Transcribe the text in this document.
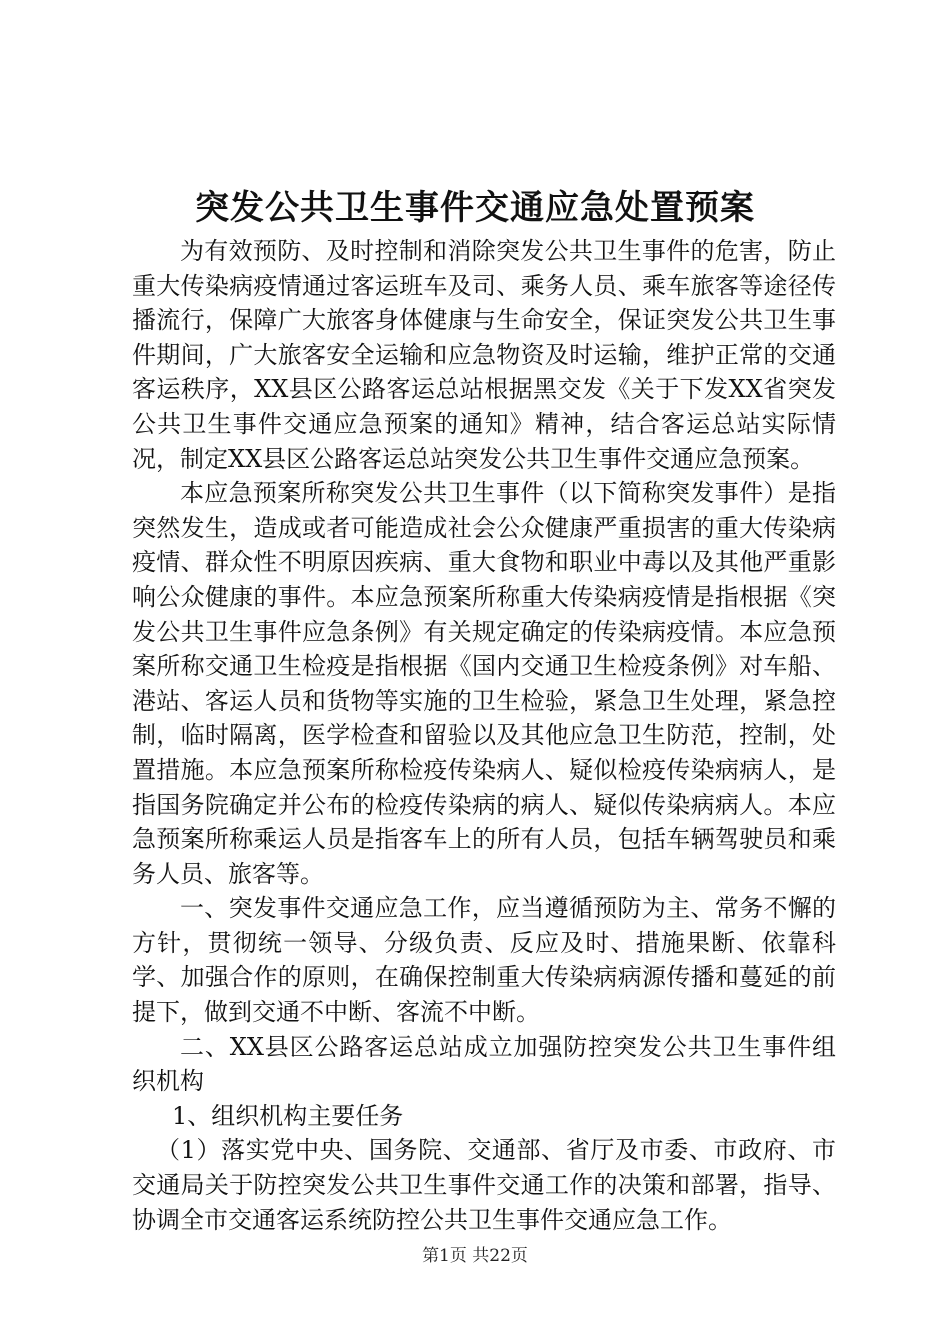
突发公共卫生事件交通应急处置预案

为有效预防、及时控制和消除突发公共卫生事件的危害，防止重大传染病疫情通过客运班车及司、乘务人员、乘车旅客等途径传播流行，保障广大旅客身体健康与生命安全，保证突发公共卫生事件期间，广大旅客安全运输和应急物资及时运输，维护正常的交通客运秩序，XX县区公路客运总站根据黑交发《关于下发XX省突发公共卫生事件交通应急预案的通知》精神，结合客运总站实际情况，制定XX县区公路客运总站突发公共卫生事件交通应急预案。

本应急预案所称突发公共卫生事件（以下简称突发事件）是指突然发生，造成或者可能造成社会公众健康严重损害的重大传染病疫情、群众性不明原因疾病、重大食物和职业中毒以及其他严重影响公众健康的事件。本应急预案所称重大传染病疫情是指根据《突发公共卫生事件应急条例》有关规定确定的传染病疫情。本应急预案所称交通卫生检疫是指根据《国内交通卫生检疫条例》对车船、港站、客运人员和货物等实施的卫生检验，紧急卫生处理，紧急控制，临时隔离，医学检查和留验以及其他应急卫生防范，控制，处置措施。本应急预案所称检疫传染病人、疑似检疫传染病病人，是指国务院确定并公布的检疫传染病的病人、疑似传染病病人。本应急预案所称乘运人员是指客车上的所有人员，包括车辆驾驶员和乘务人员、旅客等。

一、突发事件交通应急工作，应当遵循预防为主、常务不懈的方针，贯彻统一领导、分级负责、反应及时、措施果断、依靠科学、加强合作的原则，在确保控制重大传染病病源传播和蔓延的前提下，做到交通不中断、客流不中断。

二、XX县区公路客运总站成立加强防控突发公共卫生事件组织机构

1、组织机构主要任务

（1）落实党中央、国务院、交通部、省厅及市委、市政府、市交通局关于防控突发公共卫生事件交通工作的决策和部署，指导、协调全市交通客运系统防控公共卫生事件交通应急工作。

第1页 共22页
